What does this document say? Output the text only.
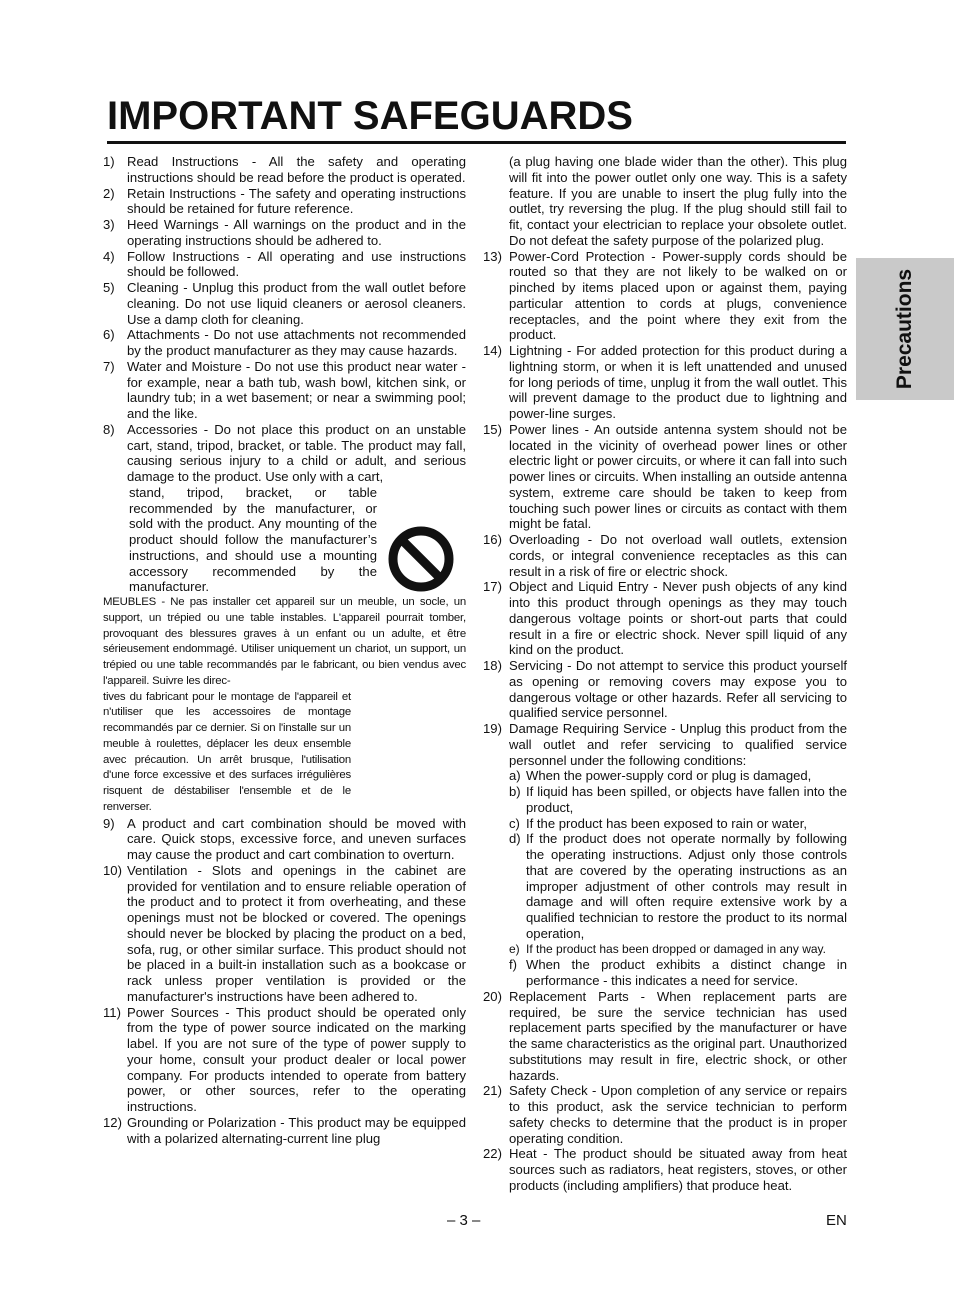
IMPORTANT SAFEGUARDS
Precautions
1) Read Instructions - All the safety and operating instructions should be read before the product is operated.
2) Retain Instructions - The safety and operating instructions should be retained for future reference.
3) Heed Warnings - All warnings on the product and in the operating instructions should be adhered to.
4) Follow Instructions - All operating and use instructions should be followed.
5) Cleaning - Unplug this product from the wall outlet before cleaning. Do not use liquid cleaners or aerosol cleaners. Use a damp cloth for cleaning.
6) Attachments - Do not use attachments not recommended by the product manufacturer as they may cause hazards.
7) Water and Moisture - Do not use this product near water - for example, near a bath tub, wash bowl, kitchen sink, or laundry tub; in a wet basement; or near a swimming pool; and the like.
8) Accessories - Do not place this product on an unstable cart, stand, tripod, bracket, or table. The product may fall, causing serious injury to a child or adult, and serious damage to the product. Use only with a cart,
stand, tripod, bracket, or table recommended by the manufacturer, or sold with the product. Any mounting of the product should follow the manufacturer’s instructions, and should use a mounting accessory recommended by the manufacturer.
MEUBLES - Ne pas installer cet appareil sur un meuble, un socle, un support, un trépied ou une table instables. L'appareil pourrait tomber, provoquant des blessures graves à un enfant ou un adulte, et être sérieusement endommagé. Utiliser uniquement un chariot, un support, un trépied ou une table recommandés par le fabricant, ou bien vendus avec l'appareil. Suivre les direc-
tives du fabricant pour le montage de l'appareil et n'utiliser que les accessoires de montage recommandés par ce dernier. Si on l'installe sur un meuble à roulettes, déplacer les deux ensemble avec précaution. Un arrêt brusque, l'utilisation d'une force excessive et des surfaces irrégulières risquent de déstabiliser l'ensemble et de le renverser.
9) A product and cart combination should be moved with care. Quick stops, excessive force, and uneven surfaces may cause the product and cart combination to overturn.
10) Ventilation - Slots and openings in the cabinet are provided for ventilation and to ensure reliable operation of the product and to protect it from overheating, and these openings must not be blocked or covered. The openings should never be blocked by placing the product on a bed, sofa, rug, or other similar surface. This product should not be placed in a built-in installation such as a bookcase or rack unless proper ventilation is provided or the manufacturer's instructions have been adhered to.
11) Power Sources - This product should be operated only from the type of power source indicated on the marking label. If you are not sure of the type of power supply to your home, consult your product dealer or local power company. For products intended to operate from battery power, or other sources, refer to the operating instructions.
12) Grounding or Polarization - This product may be equipped with a polarized alternating-current line plug
(a plug having one blade wider than the other). This plug will fit into the power outlet only one way. This is a safety feature. If you are unable to insert the plug fully into the outlet, try reversing the plug. If the plug should still fail to fit, contact your electrician to replace your obsolete outlet. Do not defeat the safety purpose of the polarized plug.
13) Power-Cord Protection - Power-supply cords should be routed so that they are not likely to be walked on or pinched by items placed upon or against them, paying particular attention to cords at plugs, convenience receptacles, and the point where they exit from the product.
14) Lightning - For added protection for this product during a lightning storm, or when it is left unattended and unused for long periods of time, unplug it from the wall outlet. This will prevent damage to the product due to lightning and power-line surges.
15) Power lines - An outside antenna system should not be located in the vicinity of overhead power lines or other electric light or power circuits, or where it can fall into such power lines or circuits. When installing an outside antenna system, extreme care should be taken to keep from touching such power lines or circuits as contact with them might be fatal.
16) Overloading - Do not overload wall outlets, extension cords, or integral convenience receptacles as this can result in a risk of fire or electric shock.
17) Object and Liquid Entry - Never push objects of any kind into this product through openings as they may touch dangerous voltage points or short-out parts that could result in a fire or electric shock. Never spill liquid of any kind on the product.
18) Servicing - Do not attempt to service this product yourself as opening or removing covers may expose you to dangerous voltage or other hazards. Refer all servicing to qualified service personnel.
19) Damage Requiring Service - Unplug this product from the wall outlet and refer servicing to qualified service personnel under the following conditions:
a) When the power-supply cord or plug is damaged,
b) If liquid has been spilled, or objects have fallen into the product,
c) If the product has been exposed to rain or water,
d) If the product does not operate normally by following the operating instructions. Adjust only those controls that are covered by the operating instructions as an improper adjustment of other controls may result in damage and will often require extensive work by a qualified technician to restore the product to its normal operation,
e) If the product has been dropped or damaged in any way.
f) When the product exhibits a distinct change in performance - this indicates a need for service.
20) Replacement Parts - When replacement parts are required, be sure the service technician has used replacement parts specified by the manufacturer or have the same characteristics as the original part. Unauthorized substitutions may result in fire, electric shock, or other hazards.
21) Safety Check - Upon completion of any service or repairs to this product, ask the service technician to perform safety checks to determine that the product is in proper operating condition.
22) Heat - The product should be situated away from heat sources such as radiators, heat registers, stoves, or other products (including amplifiers) that produce heat.
– 3 –	EN
